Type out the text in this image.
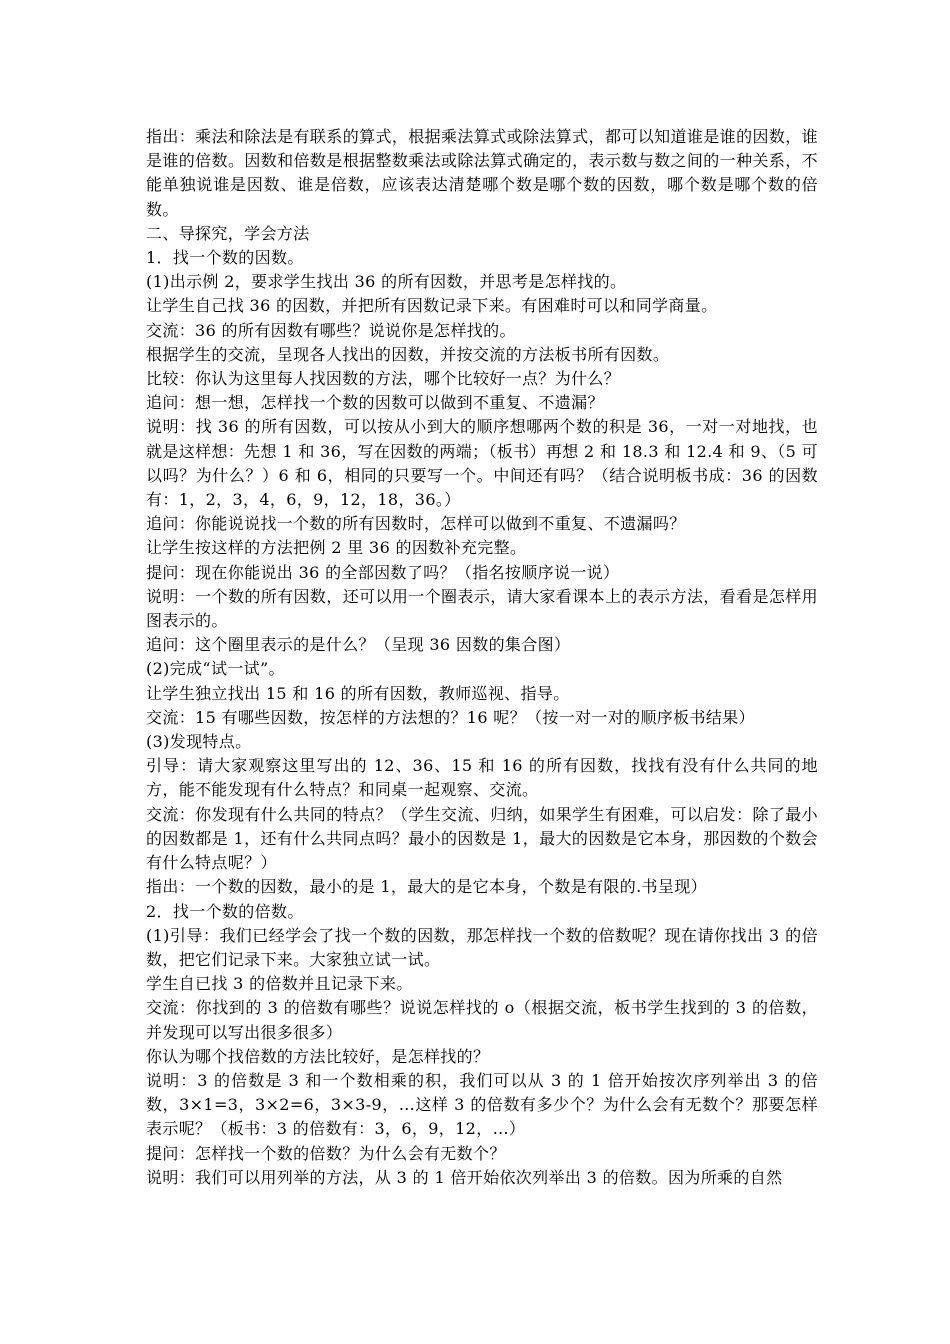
指出：乘法和除法是有联系的算式，根据乘法算式或除法算式，都可以知道谁是谁的因数，谁是谁的倍数。因数和倍数是根据整数乘法或除法算式确定的，表示数与数之间的一种关系，不能单独说谁是因数、谁是倍数，应该表达清楚哪个数是哪个数的因数，哪个数是哪个数的倍数。

二、导探究，学会方法

1．找一个数的因数。

(1)出示例 2，要求学生找出 36 的所有因数，并思考是怎样找的。

让学生自己找 36 的因数，并把所有因数记录下来。有困难时可以和同学商量。

交流：36 的所有因数有哪些？说说你是怎样找的。

根据学生的交流，呈现各人找出的因数，并按交流的方法板书所有因数。

比较：你认为这里每人找因数的方法，哪个比较好一点？为什么？

追问：想一想，怎样找一个数的因数可以做到不重复、不遗漏？

说明：找 36 的所有因数，可以按从小到大的顺序想哪两个数的积是 36，一对一对地找，也就是这样想：先想 1 和 36，写在因数的两端；（板书）再想 2 和 18.3 和 12.4 和 9、（5 可以吗？为什么？）6 和 6，相同的只要写一个。中间还有吗？（结合说明板书成：36 的因数有：1，2，3，4，6，9，12，18，36。）

追问：你能说说找一个数的所有因数时，怎样可以做到不重复、不遗漏吗？

让学生按这样的方法把例 2 里 36 的因数补充完整。

提问：现在你能说出 36 的全部因数了吗？（指名按顺序说一说）

说明：一个数的所有因数，还可以用一个圈表示，请大家看课本上的表示方法，看看是怎样用图表示的。

追问：这个圈里表示的是什么？（呈现 36 因数的集合图）

(2)完成“试一试”。

让学生独立找出 15 和 16 的所有因数，教师巡视、指导。

交流：15 有哪些因数，按怎样的方法想的？16 呢？（按一对一对的顺序板书结果）

(3)发现特点。

引导：请大家观察这里写出的 12、36、15 和 16 的所有因数，找找有没有什么共同的地方，能不能发现有什么特点？和同桌一起观察、交流。

交流：你发现有什么共同的特点？（学生交流、归纳，如果学生有困难，可以启发：除了最小的因数都是 1，还有什么共同点吗？最小的因数是 1，最大的因数是它本身，那因数的个数会有什么特点呢？）

指出：一个数的因数，最小的是 1，最大的是它本身，个数是有限的.书呈现）

2．找一个数的倍数。

(1)引导：我们已经学会了找一个数的因数，那怎样找一个数的倍数呢？现在请你找出 3 的倍数，把它们记录下来。大家独立试一试。

学生自已找 3 的倍数并且记录下来。

交流：你找到的 3 的倍数有哪些？说说怎样找的 o（根据交流，板书学生找到的 3 的倍数，并发现可以写出很多很多）

你认为哪个找倍数的方法比较好，是怎样找的？

说明：3 的倍数是 3 和一个数相乘的积，我们可以从 3 的 1 倍开始按次序列举出 3 的倍数，3×1=3，3×2=6，3×3-9，…这样 3 的倍数有多少个？为什么会有无数个？那要怎样表示呢？（板书：3 的倍数有：3，6，9，12，…）

提问：怎样找一个数的倍数？为什么会有无数个？

说明：我们可以用列举的方法，从 3 的 1 倍开始依次列举出 3 的倍数。因为所乘的自然
